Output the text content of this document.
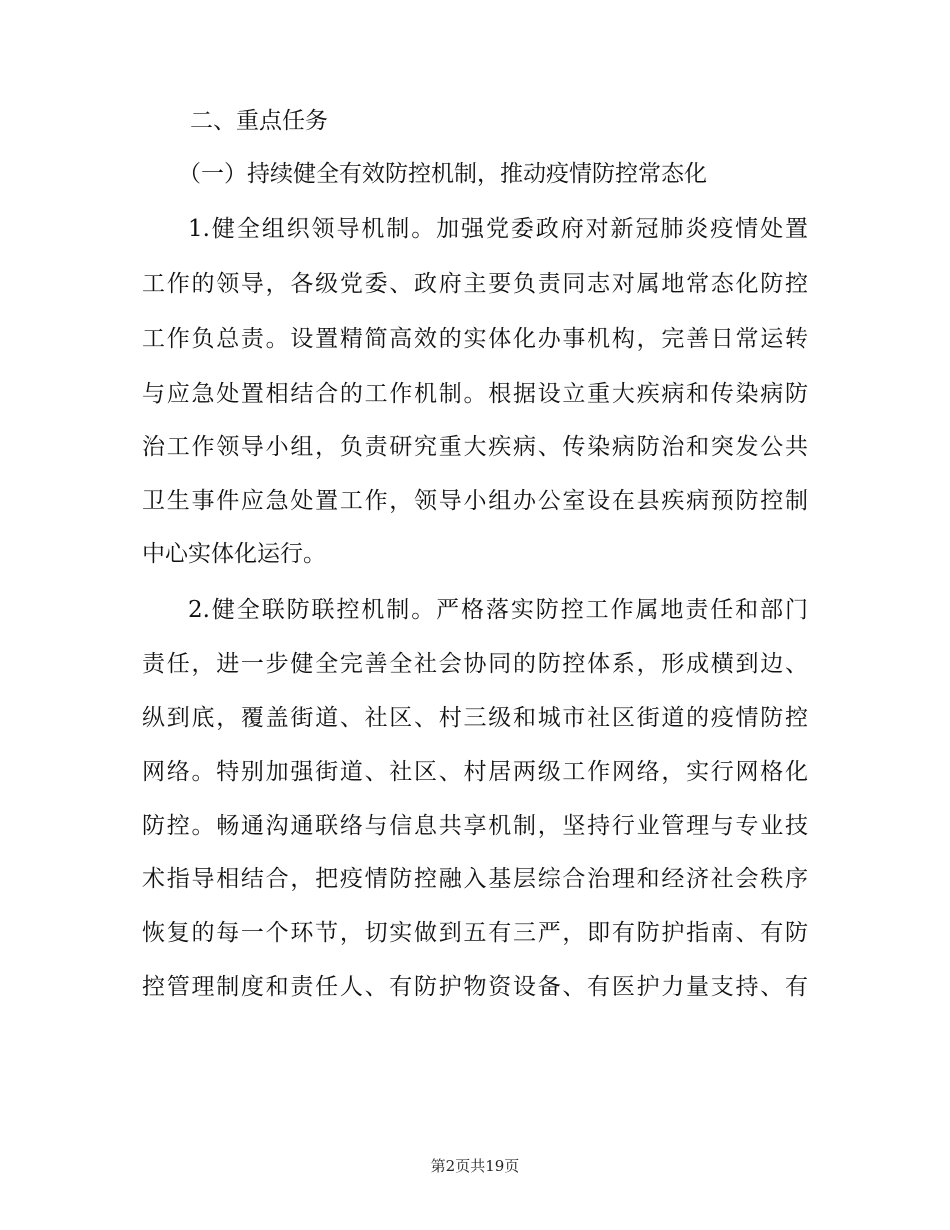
二、重点任务
（一）持续健全有效防控机制，推动疫情防控常态化
1.健全组织领导机制。加强党委政府对新冠肺炎疫情处置
工作的领导，各级党委、政府主要负责同志对属地常态化防控
工作负总责。设置精简高效的实体化办事机构，完善日常运转
与应急处置相结合的工作机制。根据设立重大疾病和传染病防
治工作领导小组，负责研究重大疾病、传染病防治和突发公共
卫生事件应急处置工作，领导小组办公室设在县疾病预防控制
中心实体化运行。
2.健全联防联控机制。严格落实防控工作属地责任和部门
责任，进一步健全完善全社会协同的防控体系，形成横到边、
纵到底，覆盖街道、社区、村三级和城市社区街道的疫情防控
网络。特别加强街道、社区、村居两级工作网络，实行网格化
防控。畅通沟通联络与信息共享机制，坚持行业管理与专业技
术指导相结合，把疫情防控融入基层综合治理和经济社会秩序
恢复的每一个环节，切实做到五有三严，即有防护指南、有防
控管理制度和责任人、有防护物资设备、有医护力量支持、有
第2页共19页
